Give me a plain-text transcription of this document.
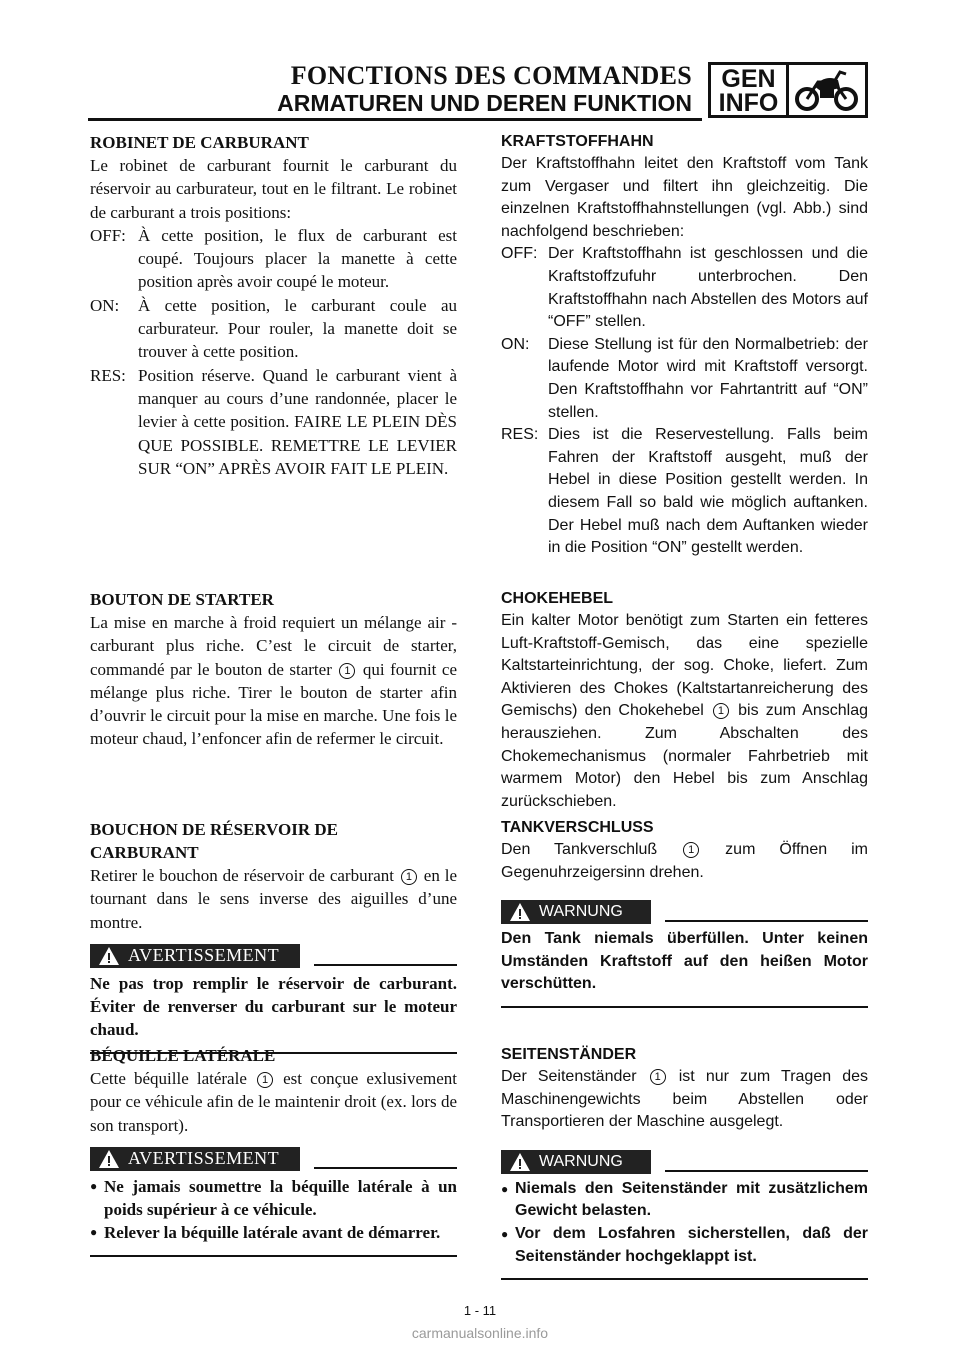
FONCTIONS DES COMMANDES
ARMATUREN UND DEREN FUNKTION
GEN
INFO
ROBINET DE CARBURANT
Le robinet de carburant fournit le carburant du réservoir au carburateur, tout en le filtrant. Le robinet de carburant a trois positions:
OFF: À cette position, le flux de carburant est coupé. Toujours placer la manette à cette position après avoir coupé le moteur.
ON:	À cette position, le carburant coule au carburateur. Pour rouler, la manette doit se trouver à cette position.
RES: Position réserve. Quand le carburant vient à manquer au cours d’une randonnée, placer le levier à cette position. FAIRE LE PLEIN DÈS QUE POSSIBLE. REMETTRE LE LEVIER SUR “ON” APRÈS AVOIR FAIT LE PLEIN.
BOUTON DE STARTER
La mise en marche à froid requiert un mélange air - carburant plus riche. C’est le circuit de starter, commandé par le bouton de starter 1 qui fournit ce mélange plus riche. Tirer le bouton de starter afin d’ouvrir le circuit pour la mise en marche. Une fois le moteur chaud, l’enfoncer afin de refermer le circuit.
BOUCHON DE RÉSERVOIR DE
CARBURANT
Retirer le bouchon de réservoir de carburant 1 en le tournant dans le sens inverse des aiguilles d’une montre.
AVERTISSEMENT
Ne pas trop remplir le réservoir de carburant. Éviter de renverser du carburant sur le moteur chaud.
BÉQUILLE LATÉRALE
Cette béquille latérale 1 est conçue exlusivement pour ce véhicule afin de le maintenir droit (ex. lors de son transport).
AVERTISSEMENT
● Ne jamais soumettre la béquille latérale à un poids supérieur à ce véhicule.
● Relever la béquille latérale avant de démarrer.
KRAFTSTOFFHAHN
Der Kraftstoffhahn leitet den Kraftstoff vom Tank zum Vergaser und filtert ihn gleichzeitig. Die einzelnen Kraftstoffhahnstellungen (vgl. Abb.) sind nachfolgend beschrieben:
OFF: Der Kraftstoffhahn ist geschlossen und die Kraftstoffzufuhr unterbrochen. Den Kraftstoffhahn nach Abstellen des Motors auf “OFF” stellen.
ON:	Diese Stellung ist für den Normalbetrieb: der laufende Motor wird mit Kraftstoff versorgt. Den Kraftstoffhahn vor Fahrtantritt auf “ON” stellen.
RES: Dies ist die Reservestellung. Falls beim Fahren der Kraftstoff ausgeht, muß der Hebel in diese Position gestellt werden. In diesem Fall so bald wie möglich auftanken. Der Hebel muß nach dem Auftanken wieder in die Position “ON” gestellt werden.
CHOKEHEBEL
Ein kalter Motor benötigt zum Starten ein fetteres Luft-Kraftstoff-Gemisch, das eine spezielle Kaltstarteinrichtung, der sog. Choke, liefert. Zum Aktivieren des Chokes (Kaltstartanreicherung des Gemischs) den Chokehebel 1 bis zum Anschlag herausziehen. Zum Abschalten des Chokemechanismus (normaler Fahrbetrieb mit warmem Motor) den Hebel bis zum Anschlag zurückschieben.
TANKVERSCHLUSS
Den Tankverschluß	1 zum Öffnen im Gegenuhrzeigersinn drehen.
WARNUNG
Den Tank niemals überfüllen. Unter keinen Umständen Kraftstoff auf den heißen Motor verschütten.
SEITENSTÄNDER
Der Seitenständer 1 ist nur zum Tragen des Maschinengewichts beim Abstellen oder Transportieren der Maschine ausgelegt.
WARNUNG
● Niemals den Seitenständer mit zusätzlichem Gewicht belasten.
● Vor dem Losfahren sicherstellen, daß der Seitenständer hochgeklappt ist.
1 - 11
carmanualsonline.info
